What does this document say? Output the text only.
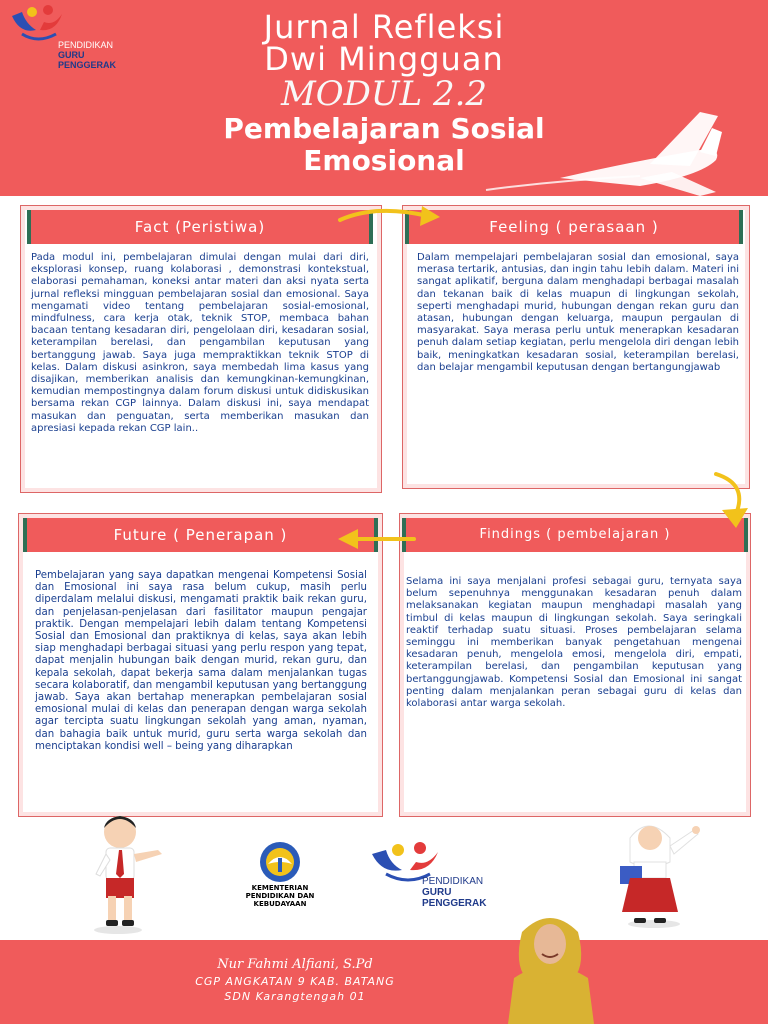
PENDIDIKAN
GURU
PENGGERAK
Jurnal Refleksi
Dwi Mingguan
MODUL 2.2
Pembelajaran Sosial
Emosional
Fact (Peristiwa)
Pada modul ini, pembelajaran dimulai dengan mulai dari diri, eksplorasi konsep, ruang kolaborasi , demonstrasi kontekstual, elaborasi pemahaman, koneksi antar materi dan aksi nyata serta jurnal refleksi mingguan pembelajaran sosial dan emosional. Saya mengamati video tentang pembelajaran sosial-emosional, mindfulness, cara kerja otak, teknik STOP, membaca bahan bacaan tentang kesadaran diri, pengelolaan diri, kesadaran sosial, keterampilan berelasi, dan pengambilan keputusan yang bertanggung jawab. Saya juga mempraktikkan teknik STOP di kelas. Dalam diskusi asinkron, saya membedah lima kasus yang disajikan, memberikan analisis dan kemungkinan-kemungkinan, kemudian mempostingnya dalam forum diskusi untuk didiskusikan bersama rekan CGP lainnya. Dalam diskusi ini, saya mendapat masukan dan penguatan, serta memberikan masukan dan apresiasi kepada rekan CGP lain..
Feeling ( perasaan )
Dalam mempelajari pembelajaran sosial dan emosional, saya merasa tertarik, antusias, dan ingin tahu lebih dalam. Materi ini sangat aplikatif, berguna dalam menghadapi berbagai masalah dan tekanan baik di kelas muapun di lingkungan sekolah, seperti menghadapi murid, hubungan dengan rekan guru dan atasan, hubungan dengan keluarga, maupun pergaulan di masyarakat. Saya merasa perlu untuk menerapkan kesadaran penuh dalam setiap kegiatan, perlu mengelola diri dengan lebih baik, meningkatkan kesadaran sosial, keterampilan berelasi, dan belajar mengambil keputusan dengan bertangungjawab
Future ( Penerapan )
Pembelajaran yang saya dapatkan mengenai Kompetensi Sosial dan Emosional ini saya rasa belum cukup, masih perlu diperdalam melalui diskusi, mengamati praktik baik rekan guru, dan penjelasan-penjelasan dari fasilitator maupun pengajar praktik. Dengan mempelajari lebih dalam tentang Kompetensi Sosial dan Emosional dan praktiknya di kelas, saya akan lebih siap menghadapi berbagai situasi yang perlu respon yang tepat, dapat menjalin hubungan baik dengan murid, rekan guru, dan kepala sekolah, dapat bekerja sama dalam menjalankan tugas secara kolaboratif, dan mengambil keputusan yang bertanggung jawab. Saya akan bertahap menerapkan pembelajaran sosial emosional mulai di kelas dan penerapan dengan warga sekolah agar tercipta suatu lingkungan sekolah yang aman, nyaman, dan bahagia baik untuk murid, guru serta warga sekolah dan menciptakan kondisi well – being yang diharapkan
Findings ( pembelajaran )
Selama ini saya menjalani profesi sebagai guru, ternyata saya belum sepenuhnya menggunakan kesadaran penuh dalam melaksanakan kegiatan maupun menghadapi masalah yang timbul di kelas maupun di lingkungan sekolah. Saya seringkali reaktif terhadap suatu situasi. Proses pembelajaran selama seminggu ini memberikan banyak pengetahuan mengenai kesadaran penuh, mengelola emosi, mengelola diri, empati, keterampilan berelasi, dan pengambilan keputusan yang bertanggungjawab. Kompetensi Sosial dan Emosional ini sangat penting dalam menjalankan peran sebagai guru di kelas dan kolaborasi antar warga sekolah.
KEMENTERIAN
PENDIDIKAN DAN KEBUDAYAAN
PENDIDIKAN
GURU
PENGGERAK
Nur Fahmi Alfiani, S.Pd
CGP ANGKATAN 9 KAB. BATANG
SDN Karangtengah 01
